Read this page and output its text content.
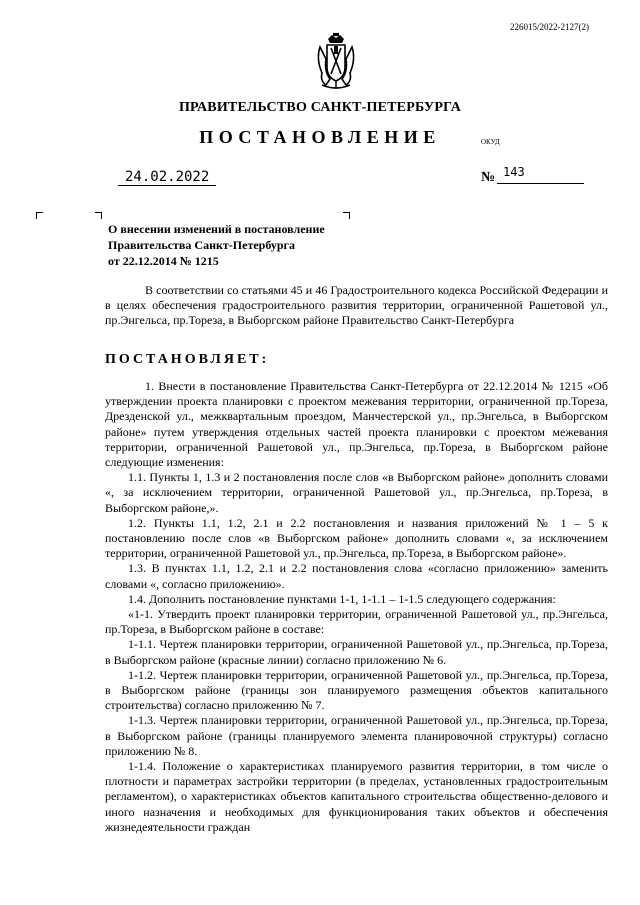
226015/2022-2127(2)
ПРАВИТЕЛЬСТВО САНКТ-ПЕТЕРБУРГА
ПОСТАНОВЛЕНИЕ	ОКУД
24.02.2022	№ 143
О внесении изменений в постановление
Правительства Санкт-Петербурга
от 22.12.2014 № 1215

В соответствии со статьями 45 и 46 Градостроительного кодекса Российской Федерации и в целях обеспечения градостроительного развития территории, ограниченной Рашетовой ул., пр.Энгельса, пр.Тореза, в Выборгском районе Правительство Санкт-Петербурга

ПОСТАНОВЛЯЕТ:

1. Внести в постановление Правительства Санкт-Петербурга от 22.12.2014 № 1215 «Об утверждении проекта планировки с проектом межевания территории, ограниченной пр.Тореза, Дрезденской ул., межквартальным проездом, Манчестерской ул., пр.Энгельса, в Выборгском районе» путем утверждения отдельных частей проекта планировки с проектом межевания территории, ограниченной Рашетовой ул., пр.Энгельса, пр.Тореза, в Выборгском районе следующие изменения:

1.1. Пункты 1, 1.3 и 2 постановления после слов «в Выборгском районе» дополнить словами «, за исключением территории, ограниченной Рашетовой ул., пр.Энгельса, пр.Тореза, в Выборгском районе,».

1.2. Пункты 1.1, 1.2, 2.1 и 2.2 постановления и названия приложений № 1 – 5 к постановлению после слов «в Выборгском районе» дополнить словами «, за исключением территории, ограниченной Рашетовой ул., пр.Энгельса, пр.Тореза, в Выборгском районе».

1.3. В пунктах 1.1, 1.2, 2.1 и 2.2 постановления слова «согласно приложению» заменить словами «, согласно приложению».

1.4. Дополнить постановление пунктами 1-1, 1-1.1 – 1-1.5 следующего содержания:

«1-1. Утвердить проект планировки территории, ограниченной Рашетовой ул., пр.Энгельса, пр.Тореза, в Выборгском районе в составе:

1-1.1. Чертеж планировки территории, ограниченной Рашетовой ул., пр.Энгельса, пр.Тореза, в Выборгском районе (красные линии) согласно приложению № 6.

1-1.2. Чертеж планировки территории, ограниченной Рашетовой ул., пр.Энгельса, пр.Тореза, в Выборгском районе (границы зон планируемого размещения объектов капитального строительства) согласно приложению № 7.

1-1.3. Чертеж планировки территории, ограниченной Рашетовой ул., пр.Энгельса, пр.Тореза, в Выборгском районе (границы планируемого элемента планировочной структуры) согласно приложению № 8.

1-1.4. Положение о характеристиках планируемого развития территории, в том числе о плотности и параметрах застройки территории (в пределах, установленных градостроительным регламентом), о характеристиках объектов капитального строительства общественно-делового и иного назначения и необходимых для функционирования таких объектов и обеспечения жизнедеятельности граждан
